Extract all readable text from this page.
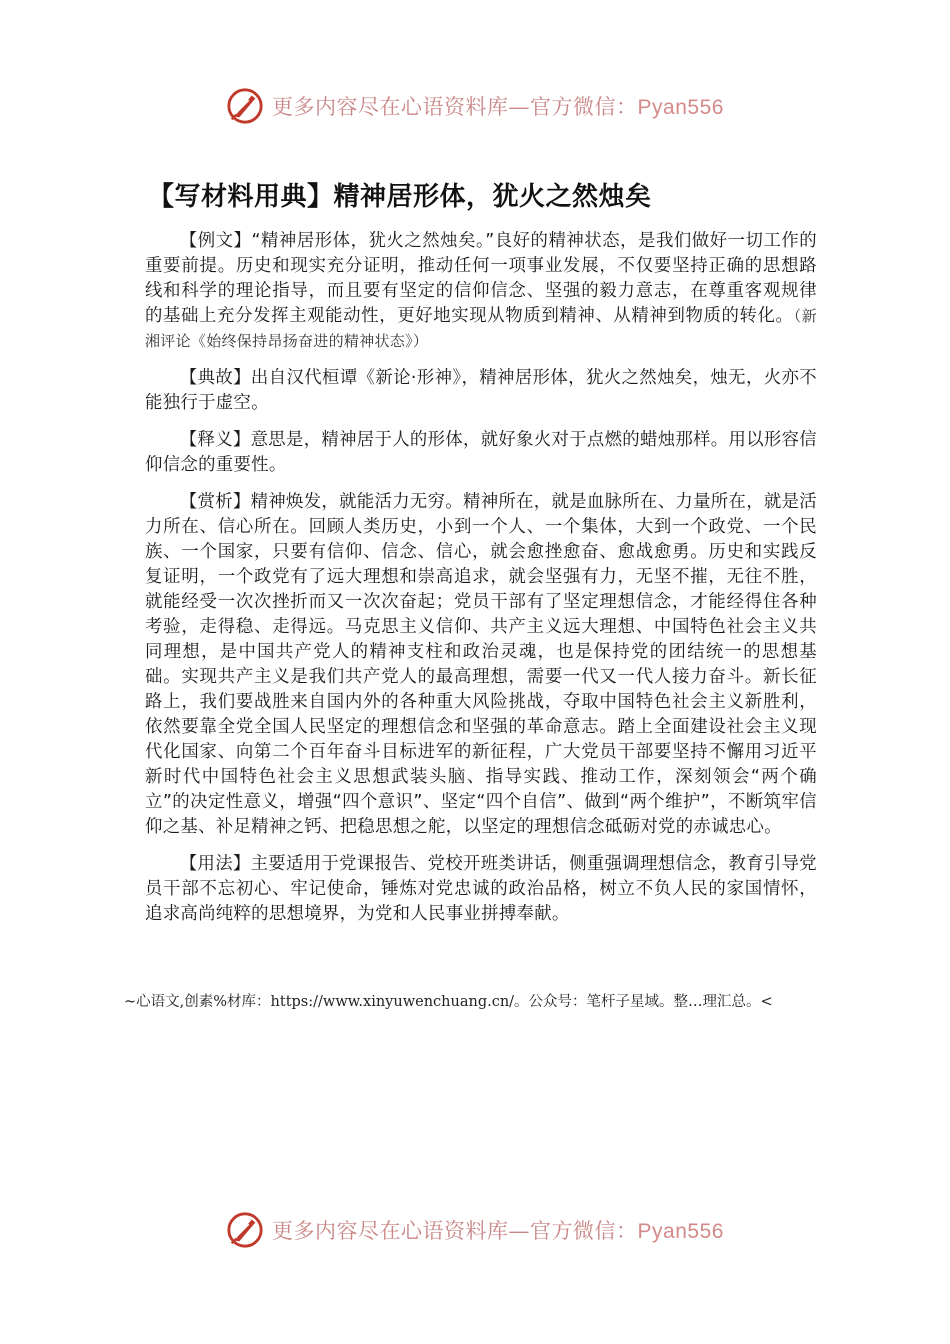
更多内容尽在心语资料库—官方微信：Pyan556
【写材料用典】精神居形体，犹火之然烛矣

【例文】“精神居形体，犹火之然烛矣。”良好的精神状态，是我们做好一切工作的重要前提。历史和现实充分证明，推动任何一项事业发展，不仅要坚持正确的思想路线和科学的理论指导，而且要有坚定的信仰信念、坚强的毅力意志，在尊重客观规律的基础上充分发挥主观能动性，更好地实现从物质到精神、从精神到物质的转化。（新湘评论《始终保持昂扬奋进的精神状态》）

【典故】出自汉代桓谭《新论·形神》，精神居形体，犹火之然烛矣，烛无，火亦不能独行于虚空。

【释义】意思是，精神居于人的形体，就好象火对于点燃的蜡烛那样。用以形容信仰信念的重要性。

【赏析】精神焕发，就能活力无穷。精神所在，就是血脉所在、力量所在，就是活力所在、信心所在。回顾人类历史，小到一个人、一个集体，大到一个政党、一个民族、一个国家，只要有信仰、信念、信心，就会愈挫愈奋、愈战愈勇。历史和实践反复证明，一个政党有了远大理想和崇高追求，就会坚强有力，无坚不摧，无往不胜，就能经受一次次挫折而又一次次奋起；党员干部有了坚定理想信念，才能经得住各种考验，走得稳、走得远。马克思主义信仰、共产主义远大理想、中国特色社会主义共同理想，是中国共产党人的精神支柱和政治灵魂，也是保持党的团结统一的思想基础。实现共产主义是我们共产党人的最高理想，需要一代又一代人接力奋斗。新长征路上，我们要战胜来自国内外的各种重大风险挑战，夺取中国特色社会主义新胜利，依然要靠全党全国人民坚定的理想信念和坚强的革命意志。踏上全面建设社会主义现代化国家、向第二个百年奋斗目标进军的新征程，广大党员干部要坚持不懈用习近平新时代中国特色社会主义思想武装头脑、指导实践、推动工作，深刻领会“两个确立”的决定性意义，增强“四个意识”、坚定“四个自信”、做到“两个维护”，不断筑牢信仰之基、补足精神之钙、把稳思想之舵，以坚定的理想信念砥砺对党的赤诚忠心。

【用法】主要适用于党课报告、党校开班类讲话，侧重强调理想信念，教育引导党员干部不忘初心、牢记使命，锤炼对党忠诚的政治品格，树立不负人民的家国情怀，追求高尚纯粹的思想境界，为党和人民事业拼搏奉献。

~心语文,创素%材库：https://www.xinyuwenchuang.cn/。公众号：笔杆子星域。整…理汇总。<
更多内容尽在心语资料库—官方微信：Pyan556
